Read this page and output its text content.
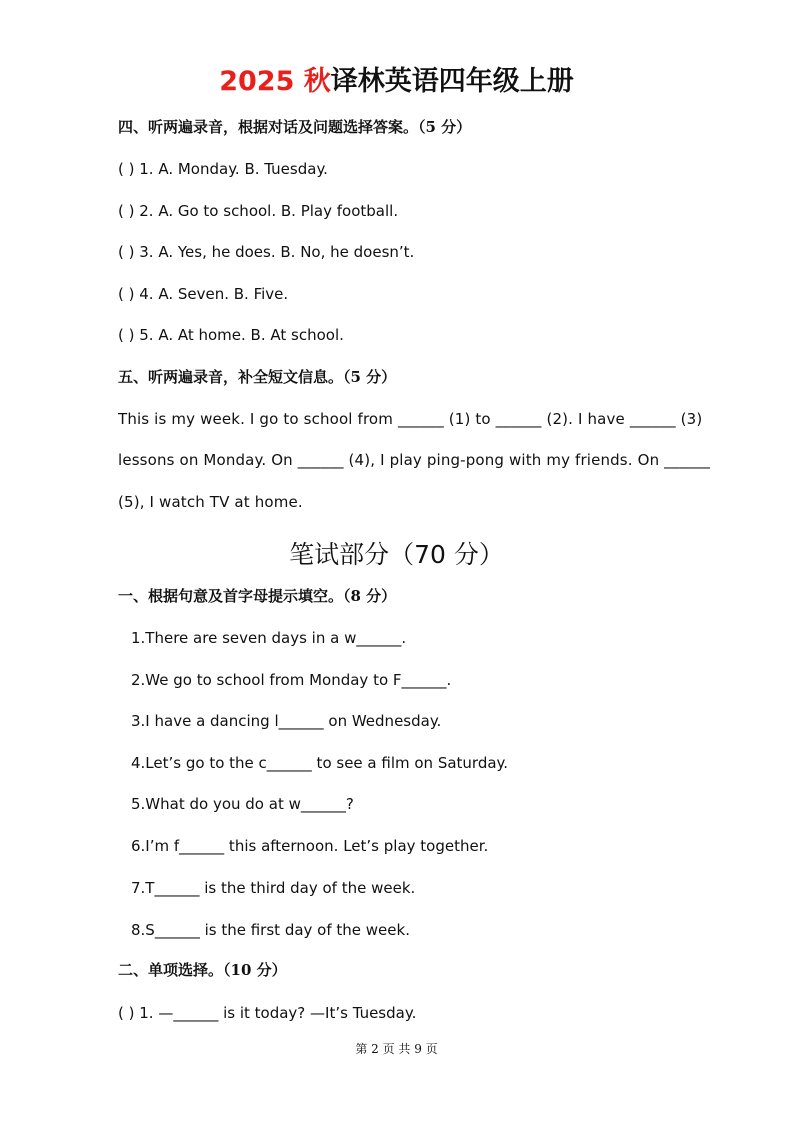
2025 秋译林英语四年级上册
四、听两遍录音，根据对话及问题选择答案。（5 分）
( ) 1. A. Monday. B. Tuesday.
( ) 2. A. Go to school. B. Play football.
( ) 3. A. Yes, he does. B. No, he doesn’t.
( ) 4. A. Seven. B. Five.
( ) 5. A. At home. B. At school.
五、听两遍录音，补全短文信息。（5 分）
This is my week. I go to school from ______ (1) to ______ (2). I have ______ (3)
lessons on Monday. On ______ (4), I play ping-pong with my friends. On ______
(5), I watch TV at home.
笔试部分（70 分）
一、根据句意及首字母提示填空。（8 分）
1.There are seven days in a w______.
2.We go to school from Monday to F______.
3.I have a dancing l______ on Wednesday.
4.Let’s go to the c______ to see a film on Saturday.
5.What do you do at w______?
6.I’m f______ this afternoon. Let’s play together.
7.T______ is the third day of the week.
8.S______ is the first day of the week.
二、单项选择。（10 分）
( ) 1. —______ is it today? —It’s Tuesday.
第 2 页 共 9 页
